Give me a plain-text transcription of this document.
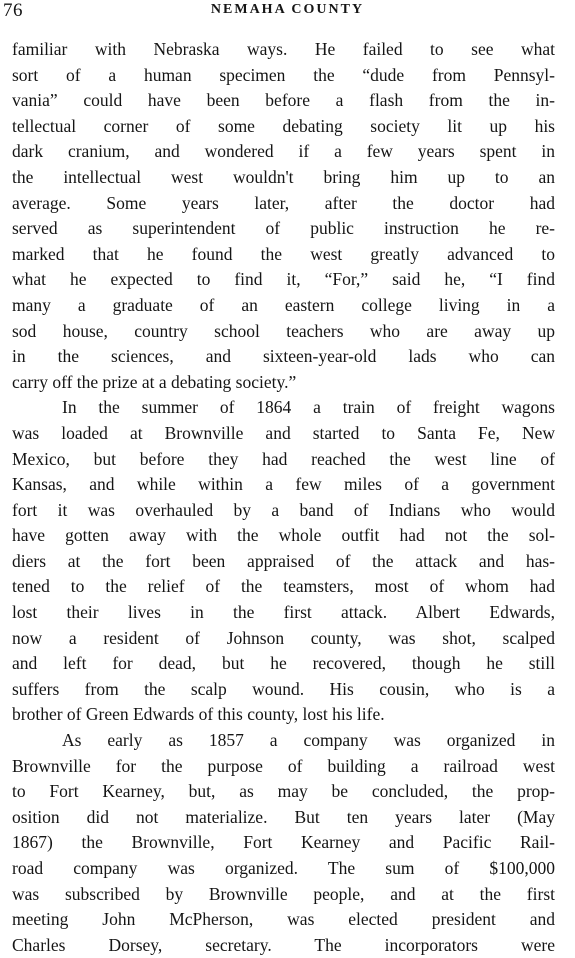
76	NEMAHA COUNTY
familiar with Nebraska ways. He failed to see what
sort of a human specimen the “dude from Pennsyl-
vania” could have been before a flash from the in-
tellectual corner of some debating society lit up his
dark cranium, and wondered if a few years spent in
the intellectual west wouldn't bring him up to an
average. Some years later, after the doctor had
served as superintendent of public instruction he re-
marked that he found the west greatly advanced to
what he expected to find it, “For,” said he, “I find
many a graduate of an eastern college living in a
sod house, country school teachers who are away up
in the sciences, and sixteen-year-old lads who can
carry off the prize at a debating society.”
In the summer of 1864 a train of freight wagons
was loaded at Brownville and started to Santa Fe, New
Mexico, but before they had reached the west line of
Kansas, and while within a few miles of a government
fort it was overhauled by a band of Indians who would
have gotten away with the whole outfit had not the sol-
diers at the fort been appraised of the attack and has-
tened to the relief of the teamsters, most of whom had
lost their lives in the first attack. Albert Edwards,
now a resident of Johnson county, was shot, scalped
and left for dead, but he recovered, though he still
suffers from the scalp wound. His cousin, who is a
brother of Green Edwards of this county, lost his life.
As early as 1857 a company was organized in
Brownville for the purpose of building a railroad west
to Fort Kearney, but, as may be concluded, the prop-
osition did not materialize. But ten years later (May
1867) the Brownville, Fort Kearney and Pacific Rail-
road company was organized. The sum of $100,000
was subscribed by Brownville people, and at the first
meeting John McPherson, was elected president and
Charles Dorsey, secretary. The incorporators were
